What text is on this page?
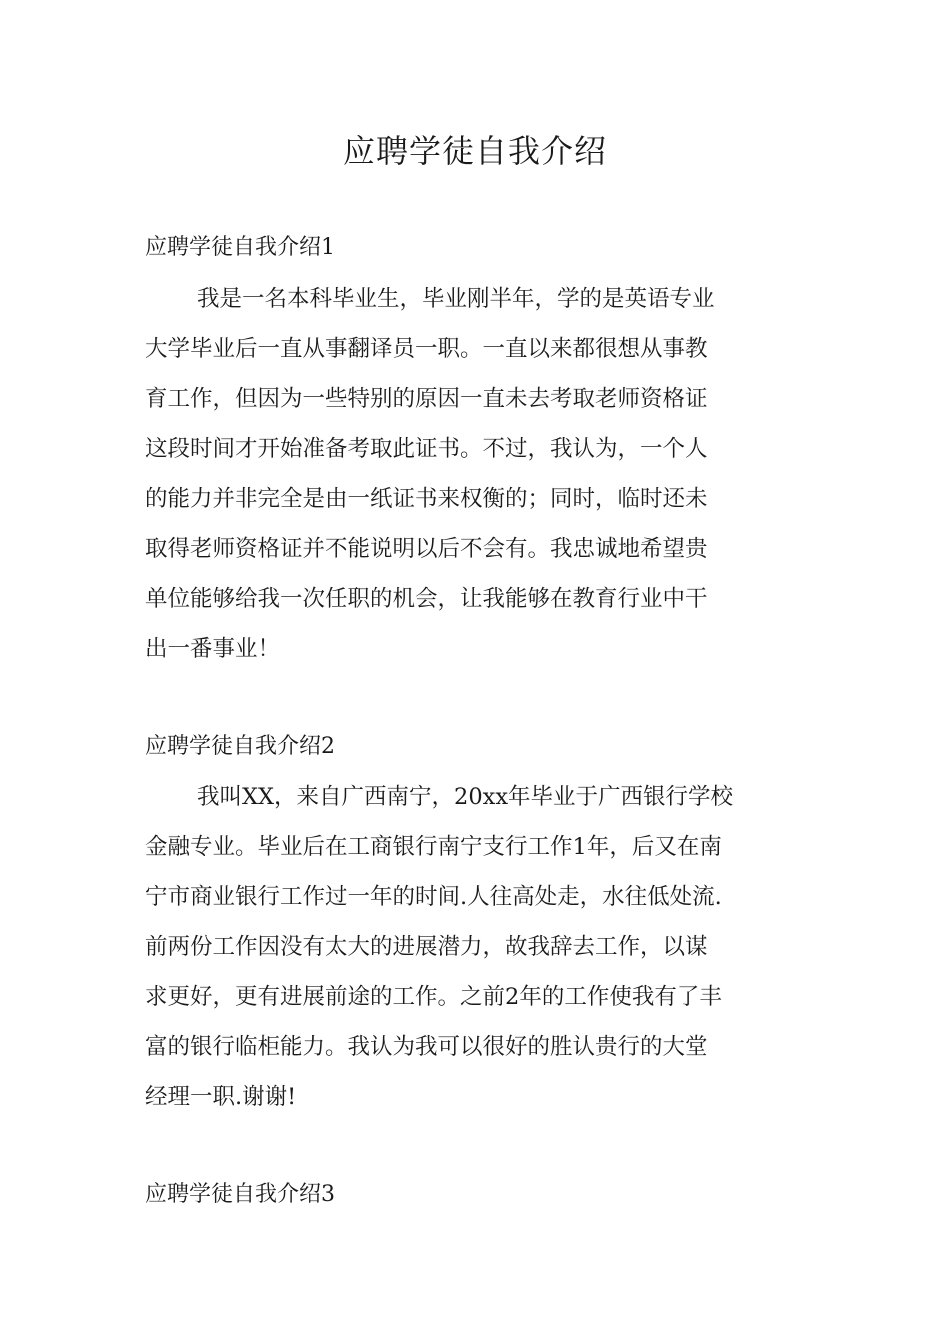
应聘学徒自我介绍
应聘学徒自我介绍1
我是一名本科毕业生，毕业刚半年，学的是英语专业
大学毕业后一直从事翻译员一职。一直以来都很想从事教
育工作，但因为一些特别的原因一直未去考取老师资格证
这段时间才开始准备考取此证书。不过，我认为，一个人
的能力并非完全是由一纸证书来权衡的；同时，临时还未
取得老师资格证并不能说明以后不会有。我忠诚地希望贵
单位能够给我一次任职的机会，让我能够在教育行业中干
出一番事业！
应聘学徒自我介绍2
我叫XX，来自广西南宁，20xx年毕业于广西银行学校
金融专业。毕业后在工商银行南宁支行工作1年，后又在南
宁市商业银行工作过一年的时间.人往高处走，水往低处流.
前两份工作因没有太大的进展潜力，故我辞去工作，以谋
求更好，更有进展前途的工作。之前2年的工作使我有了丰
富的银行临柜能力。我认为我可以很好的胜认贵行的大堂
经理一职.谢谢!
应聘学徒自我介绍3
